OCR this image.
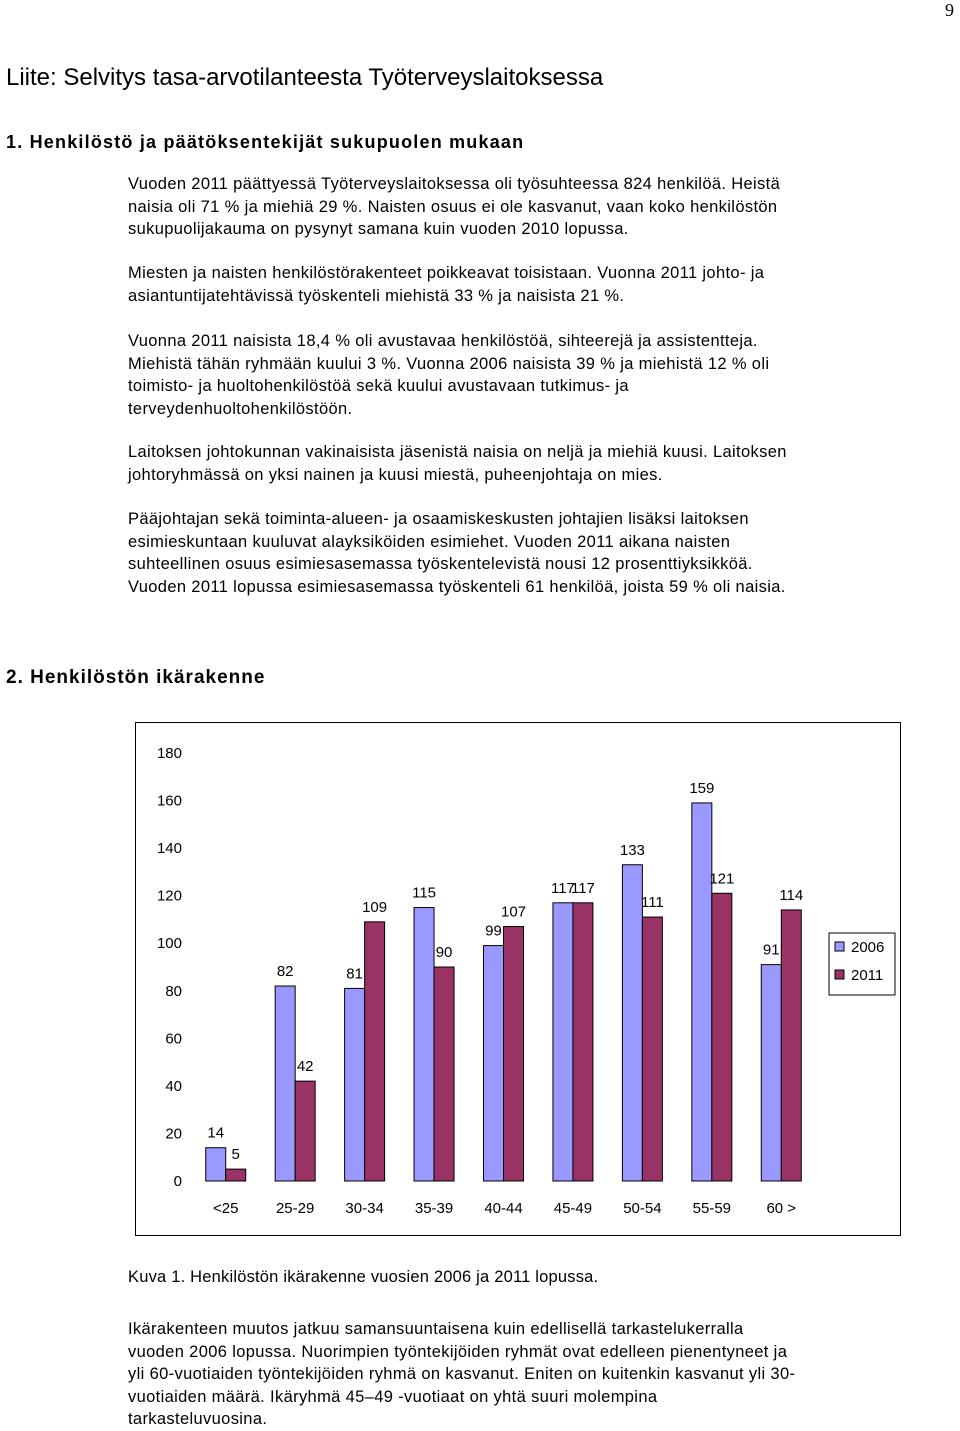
9
Liite: Selvitys tasa-arvotilanteesta Työterveyslaitoksessa
1. Henkilöstö ja päätöksentekijät sukupuolen mukaan

Vuoden 2011 päättyessä Työterveyslaitoksessa oli työsuhteessa 824 henkilöä. Heistä
naisia oli 71 % ja miehiä 29 %. Naisten osuus ei ole kasvanut, vaan koko henkilöstön
sukupuolijakauma on pysynyt samana kuin vuoden 2010 lopussa.

Miesten ja naisten henkilöstörakenteet poikkeavat toisistaan. Vuonna 2011 johto- ja
asiantuntijatehtävissä työskenteli miehistä 33 % ja naisista 21 %.

Vuonna 2011 naisista 18,4 % oli avustavaa henkilöstöä, sihteerejä ja assistentteja.
Miehistä tähän ryhmään kuului 3 %. Vuonna 2006 naisista 39 % ja miehistä 12 % oli
toimisto- ja huoltohenkilöstöä sekä kuului avustavaan tutkimus- ja
terveydenhuoltohenkilöstöön.

Laitoksen johtokunnan vakinaisista jäsenistä naisia on neljä ja miehiä kuusi. Laitoksen
johtoryhmässä on yksi nainen ja kuusi miestä, puheenjohtaja on mies.

Pääjohtajan sekä toiminta-alueen- ja osaamiskeskusten johtajien lisäksi laitoksen
esimieskuntaan kuuluvat alayksiköiden esimiehet. Vuoden 2011 aikana naisten
suhteellinen osuus esimiesasemassa työskentelevistä nousi 12 prosenttiyksikköä.
Vuoden 2011 lopussa esimiesasemassa työskenteli 61 henkilöä, joista 59 % oli naisia.

2. Henkilöstön ikärakenne
0
20
40
60
80
100
120
140
160
180
14
5
<25
82
42
25-29
81
109
30-34
115
90
35-39
99
107
40-44
117
117
45-49
133
111
50-54
159
121
55-59
91
114
60 >
2006
2011

Kuva 1. Henkilöstön ikärakenne vuosien 2006 ja 2011 lopussa.

Ikärakenteen muutos jatkuu samansuuntaisena kuin edellisellä tarkastelukerralla
vuoden 2006 lopussa. Nuorimpien työntekijöiden ryhmät ovat edelleen pienentyneet ja
yli 60-vuotiaiden työntekijöiden ryhmä on kasvanut. Eniten on kuitenkin kasvanut yli 30-
vuotiaiden määrä. Ikäryhmä 45–49 -vuotiaat on yhtä suuri molempina
tarkasteluvuosina.
